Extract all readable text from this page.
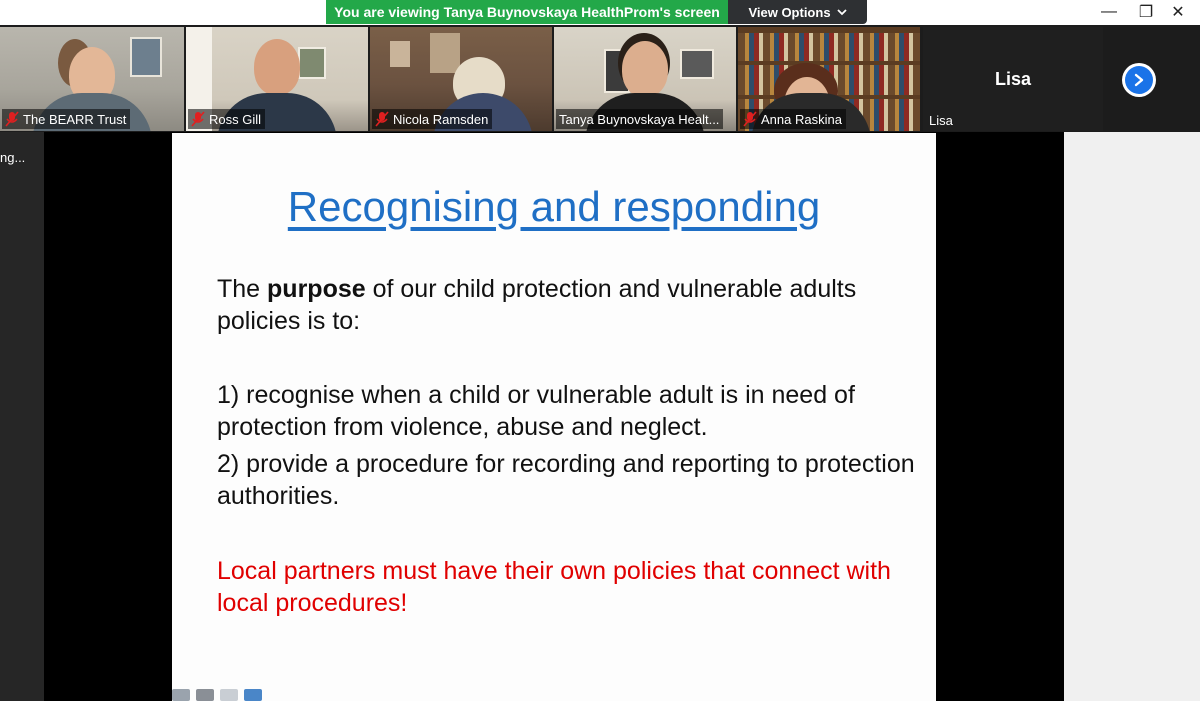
You are viewing Tanya Buynovskaya HealthProm's screen View Options	— ❐ ✕
The BEARR Trust	Ross Gill	Nicola Ramsden	Tanya Buynovskaya Healt...	Anna Raskina
Lisa
Lisa
ng...
Recognising and responding
The purpose of our child protection and vulnerable adults policies is to:
1) recognise when a child or vulnerable adult is in need of protection from violence, abuse and neglect.
2) provide a procedure for recording and reporting to protection authorities.
Local partners must have their own policies that connect with local procedures!
